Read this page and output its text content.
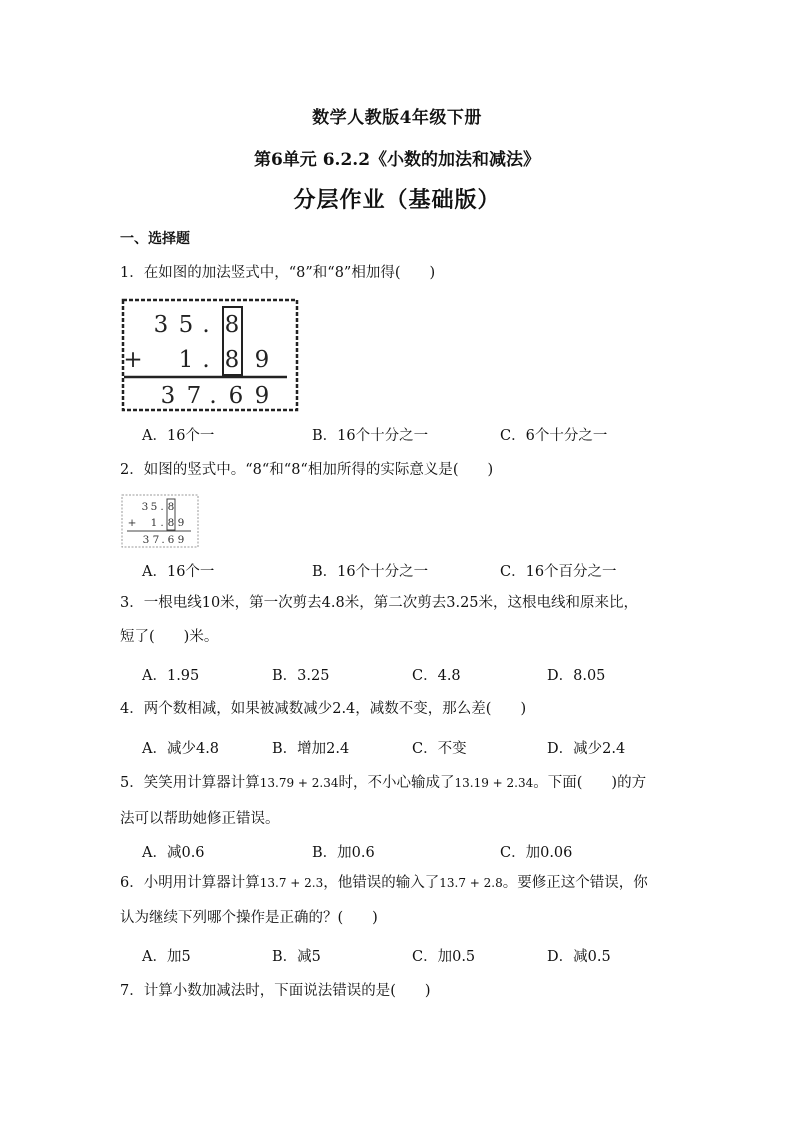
数学人教版4年级下册
第6单元 6.2.2《小数的加法和减法》
分层作业（基础版）
一、选择题
1．在如图的加法竖式中，“8”和“8”相加得(　　)
3 5 . 8
+ 1 . 8 9
3 7 . 6 9
A．16个一	B．16个十分之一	C．6个十分之一
2．如图的竖式中。“8“和“8“相加所得的实际意义是(　　)
3 5 . 8
+ 1 . 8 9
3 7 . 6 9
A．16个一	B．16个十分之一	C．16个百分之一
3．一根电线10米，第一次剪去4.8米，第二次剪去3.25米，这根电线和原来比，
短了(　　)米。
A．1.95	B．3.25	C．4.8	D．8.05
4．两个数相减，如果被减数减少2.4，减数不变，那么差(　　)
A．减少4.8	B．增加2.4	C．不变	D．减少2.4
5．笑笑用计算器计算13.79 + 2.34时，不小心输成了13.19 + 2.34。下面(　　)的方
法可以帮助她修正错误。
A．减0.6	B．加0.6	C．加0.06
6．小明用计算器计算13.7 + 2.3，他错误的输入了13.7 + 2.8。要修正这个错误，你
认为继续下列哪个操作是正确的？(　　)
A．加5	B．减5	C．加0.5	D．减0.5
7．计算小数加减法时，下面说法错误的是(　　)
